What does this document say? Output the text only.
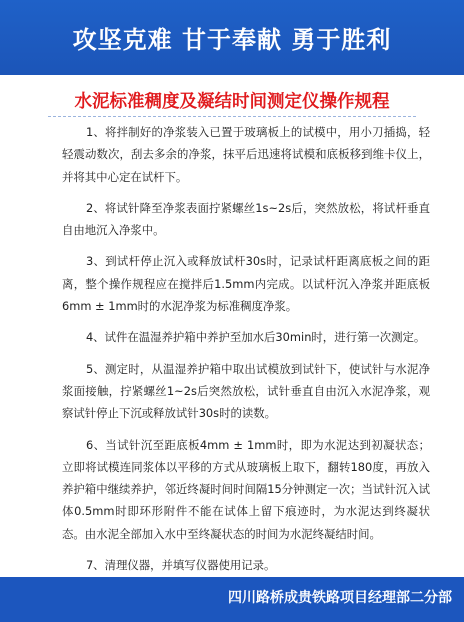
攻坚克难 甘于奉献 勇于胜利
水泥标准稠度及凝结时间测定仪操作规程

1、将拌制好的净浆装入已置于玻璃板上的试模中，用小刀插捣，轻轻震动数次，刮去多余的净浆，抹平后迅速将试模和底板移到维卡仪上，并将其中心定在试杆下。

2、将试针降至净浆表面拧紧螺丝1s~2s后，突然放松，将试杆垂直自由地沉入净浆中。

3、到试杆停止沉入或释放试杆30s时，记录试杆距离底板之间的距离，整个操作规程应在搅拌后1.5mm内完成。以试杆沉入净浆并距底板6mm ± 1mm时的水泥净浆为标准稠度净浆。

4、试件在温湿养护箱中养护至加水后30min时，进行第一次测定。

5、测定时，从温湿养护箱中取出试模放到试针下，使试针与水泥净浆面接触，拧紧螺丝1~2s后突然放松，试针垂直自由沉入水泥净浆，观察试针停止下沉或释放试针30s时的读数。

6、当试针沉至距底板4mm ± 1mm时，即为水泥达到初凝状态；立即将试模连同浆体以平移的方式从玻璃板上取下，翻转180度，再放入养护箱中继续养护，邻近终凝时间时间隔15分钟测定一次；当试针沉入试体0.5mm时即环形附件不能在试体上留下痕迹时，为水泥达到终凝状态。由水泥全部加入水中至终凝状态的时间为水泥终凝结时间。

7、清理仪器，并填写仪器使用记录。

四川路桥成贵铁路项目经理部二分部
